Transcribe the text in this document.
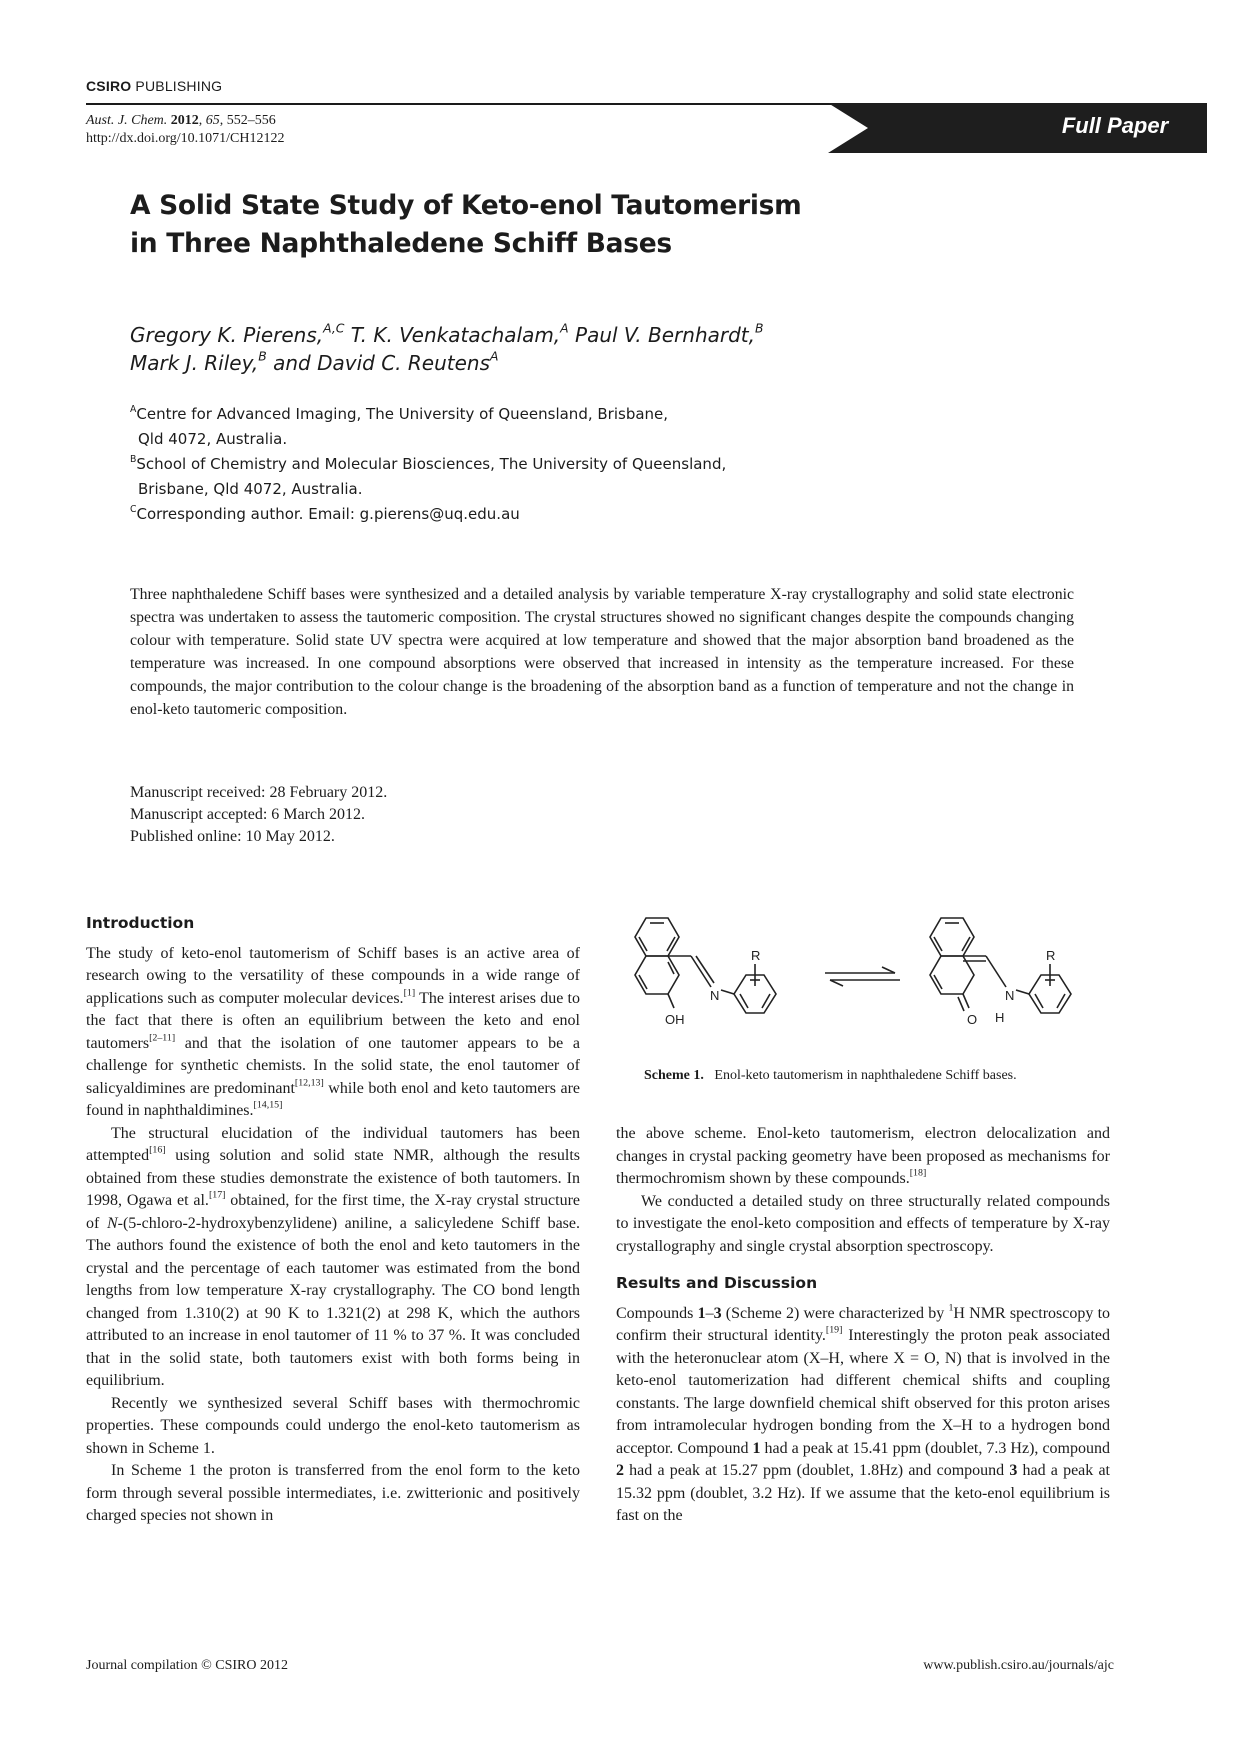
CSIRO PUBLISHING
Aust. J. Chem. 2012, 65, 552–556
http://dx.doi.org/10.1071/CH12122
Full Paper
A Solid State Study of Keto-enol Tautomerism
in Three Naphthaledene Schiff Bases
Gregory K. Pierens,$^{A,C}$ T. K. Venkatachalam,$^A$ Paul V. Bernhardt,$^B$
Mark J. Riley,$^B$ and David C. Reutens$^A$
$^A$Centre for Advanced Imaging, The University of Queensland, Brisbane,
Qld 4072, Australia.
$^B$School of Chemistry and Molecular Biosciences, The University of Queensland,
Brisbane, Qld 4072, Australia.
$^C$Corresponding author. Email: g.pierens@uq.edu.au
Three naphthaledene Schiff bases were synthesized and a detailed analysis by variable temperature X-ray crystallography and solid state electronic spectra was undertaken to assess the tautomeric composition. The crystal structures showed no significant changes despite the compounds changing colour with temperature. Solid state UV spectra were acquired at low temperature and showed that the major absorption band broadened as the temperature was increased. In one compound absorptions were observed that increased in intensity as the temperature increased. For these compounds, the major contribution to the colour change is the broadening of the absorption band as a function of temperature and not the change in enol-keto tautomeric composition.
Manuscript received: 28 February 2012.
Manuscript accepted: 6 March 2012.
Published online: 10 May 2012.
Introduction

The study of keto-enol tautomerism of Schiff bases is an active area of research owing to the versatility of these compounds in a wide range of applications such as computer molecular devices.[1] The interest arises due to the fact that there is often an equilibrium between the keto and enol tautomers[2–11] and that the isolation of one tautomer appears to be a challenge for synthetic chemists. In the solid state, the enol tautomer of salicyaldimines are predominant[12,13] while both enol and keto tautomers are found in naphthaldimines.[14,15]

The structural elucidation of the individual tautomers has been attempted[16] using solution and solid state NMR, although the results obtained from these studies demonstrate the existence of both tautomers. In 1998, Ogawa et al.[17] obtained, for the first time, the X-ray crystal structure of N-(5-chloro-2-hydroxybenzylidene) aniline, a salicyledene Schiff base. The authors found the existence of both the enol and keto tautomers in the crystal and the percentage of each tautomer was estimated from the bond lengths from low temperature X-ray crystallography. The CO bond length changed from 1.310(2) at 90 K to 1.321(2) at 298 K, which the authors attributed to an increase in enol tautomer of 11 % to 37 %. It was concluded that in the solid state, both tautomers exist with both forms being in equilibrium.

Recently we synthesized several Schiff bases with thermochromic properties. These compounds could undergo the enol-keto tautomerism as shown in Scheme 1.

In Scheme 1 the proton is transferred from the enol form to the keto form through several possible intermediates, i.e. zwitterionic and positively charged species not shown in

R
N
OH
R
N
O H
Scheme 1. Enol-keto tautomerism in naphthaledene Schiff bases.

the above scheme. Enol-keto tautomerism, electron delocalization and changes in crystal packing geometry have been proposed as mechanisms for thermochromism shown by these compounds.[18]

We conducted a detailed study on three structurally related compounds to investigate the enol-keto composition and effects of temperature by X-ray crystallography and single crystal absorption spectroscopy.

Results and Discussion

Compounds 1–3 (Scheme 2) were characterized by $^1$H NMR spectroscopy to confirm their structural identity.[19] Interestingly the proton peak associated with the heteronuclear atom (X–H, where X = O, N) that is involved in the keto-enol tautomerization had different chemical shifts and coupling constants. The large downfield chemical shift observed for this proton arises from intramolecular hydrogen bonding from the X–H to a hydrogen bond acceptor. Compound 1 had a peak at 15.41 ppm (doublet, 7.3 Hz), compound 2 had a peak at 15.27 ppm (doublet, 1.8Hz) and compound 3 had a peak at 15.32 ppm (doublet, 3.2 Hz). If we assume that the keto-enol equilibrium is fast on the

Journal compilation © CSIRO 2012	www.publish.csiro.au/journals/ajc
